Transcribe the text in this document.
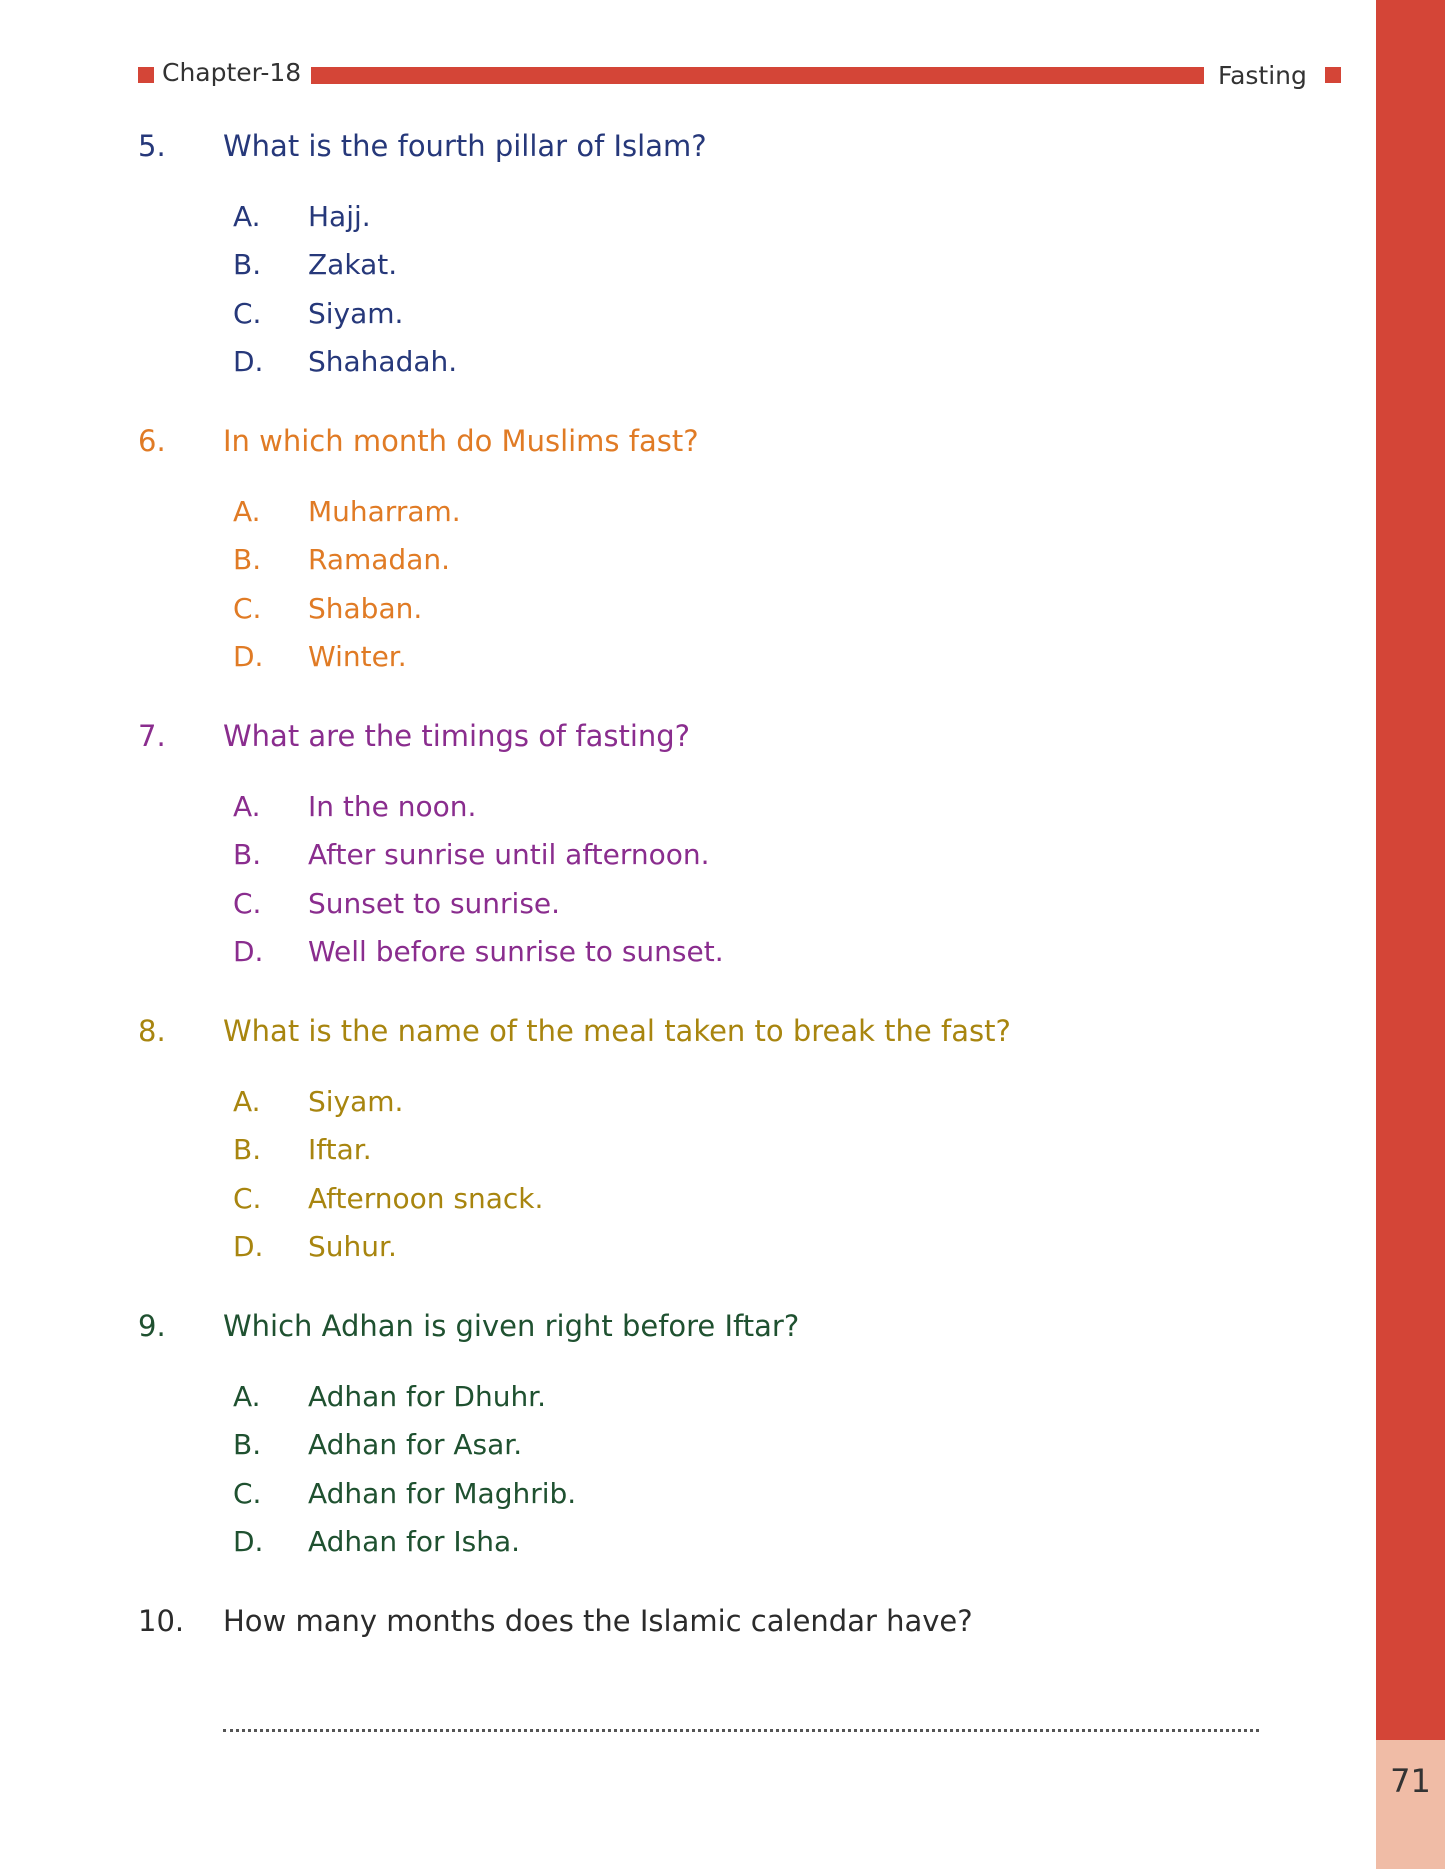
Chapter-18	Fasting
71
5. What is the fourth pillar of Islam?
A. Hajj.
B. Zakat.
C. Siyam.
D. Shahadah.
6. In which month do Muslims fast?
A. Muharram.
B. Ramadan.
C. Shaban.
D. Winter.
7. What are the timings of fasting?
A. In the noon.
B. After sunrise until afternoon.
C. Sunset to sunrise.
D. Well before sunrise to sunset.
8. What is the name of the meal taken to break the fast?
A. Siyam.
B. Iftar.
C. Afternoon snack.
D. Suhur.
9. Which Adhan is given right before Iftar?
A. Adhan for Dhuhr.
B. Adhan for Asar.
C. Adhan for Maghrib.
D. Adhan for Isha.
10. How many months does the Islamic calendar have?
